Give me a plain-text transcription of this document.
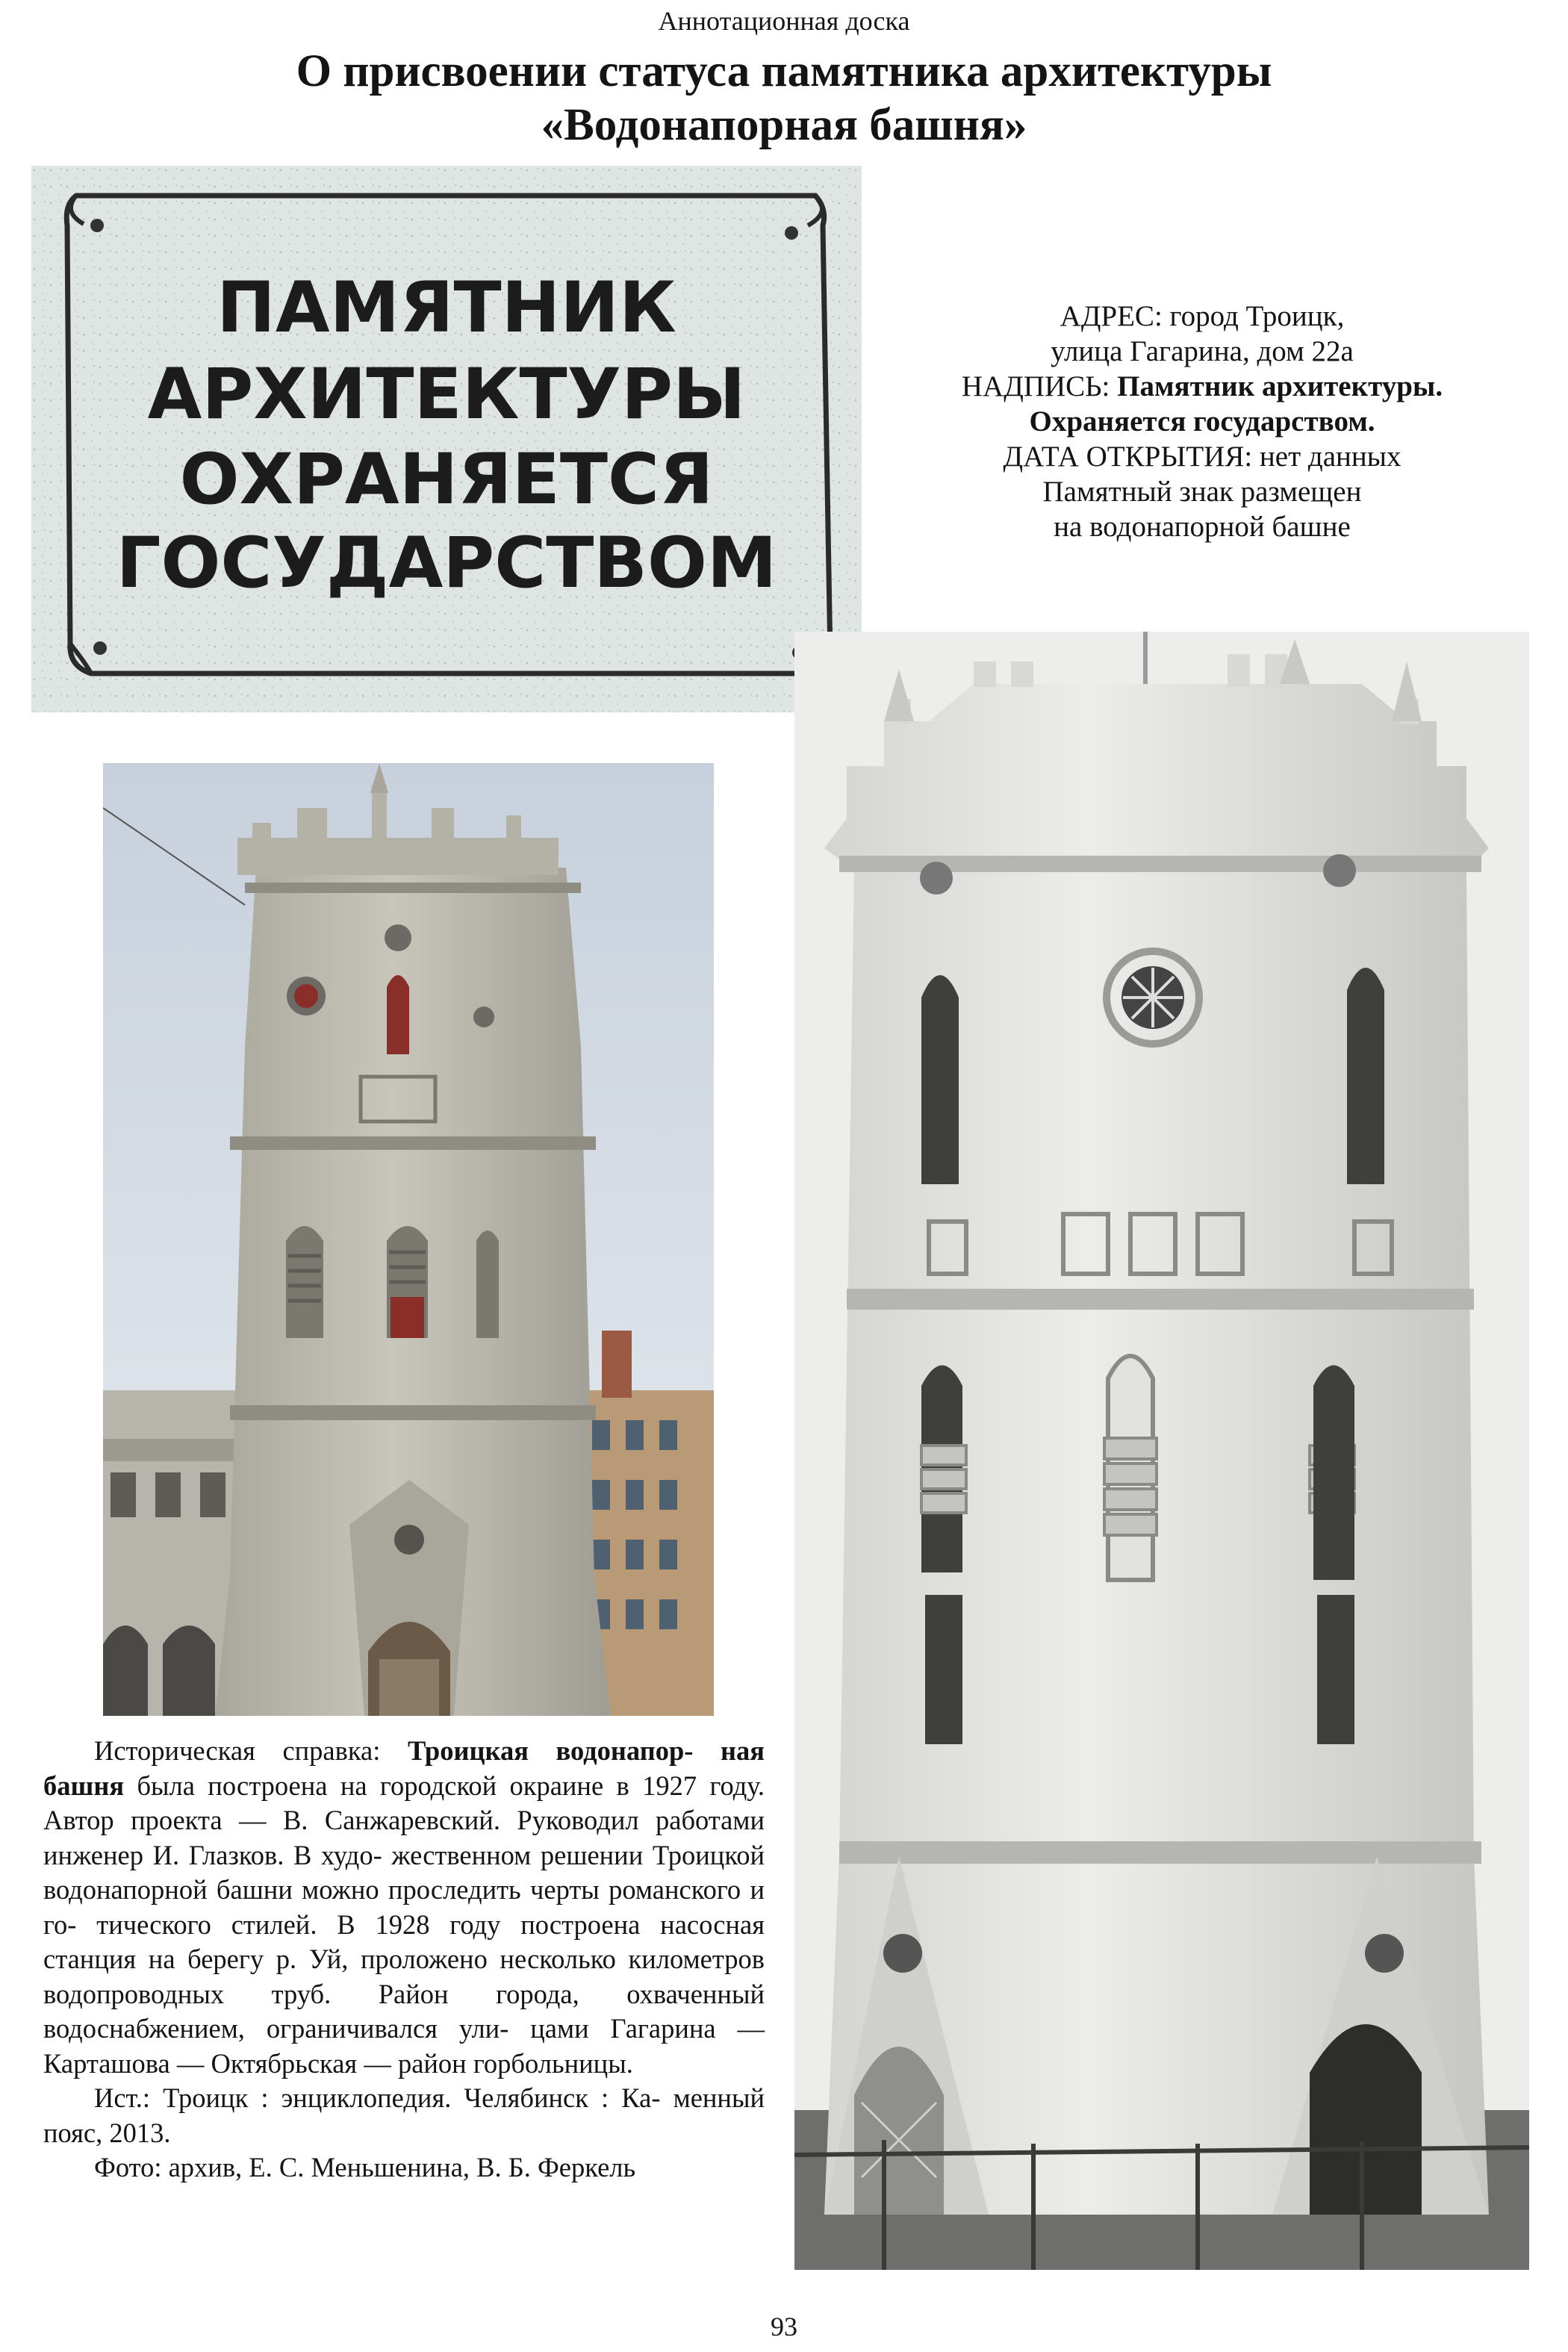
Аннотационная доска
О присвоении статуса памятника архитектуры
«Водонапорная башня»
ПАМЯТНИК
АРХИТЕКТУРЫ
ОХРАНЯЕТСЯ
ГОСУДАРСТВОМ
АДРЕС: город Троицк,
улица Гагарина, дом 22а
НАДПИСЬ: Памятник архитектуры.
Охраняется государством.
ДАТА ОТКРЫТИЯ: нет данных
Памятный знак размещен
на водонапорной башне

Историческая справка: Троицкая водонапор- ная башня была построена на городской окраине в 1927 году. Автор проекта — В. Санжаревский. Руководил работами инженер И. Глазков. В худо- жественном решении Троицкой водонапорной башни можно проследить черты романского и го- тического стилей. В 1928 году построена насосная станция на берегу р. Уй, проложено несколько километров водопроводных труб. Район города, охваченный водоснабжением, ограничивался ули- цами Гагарина — Карташова — Октябрьская — район горбольницы.

Ист.: Троицк : энциклопедия. Челябинск : Ка- менный пояс, 2013.

Фото: архив, Е. С. Меньшенина, В. Б. Феркель

93
